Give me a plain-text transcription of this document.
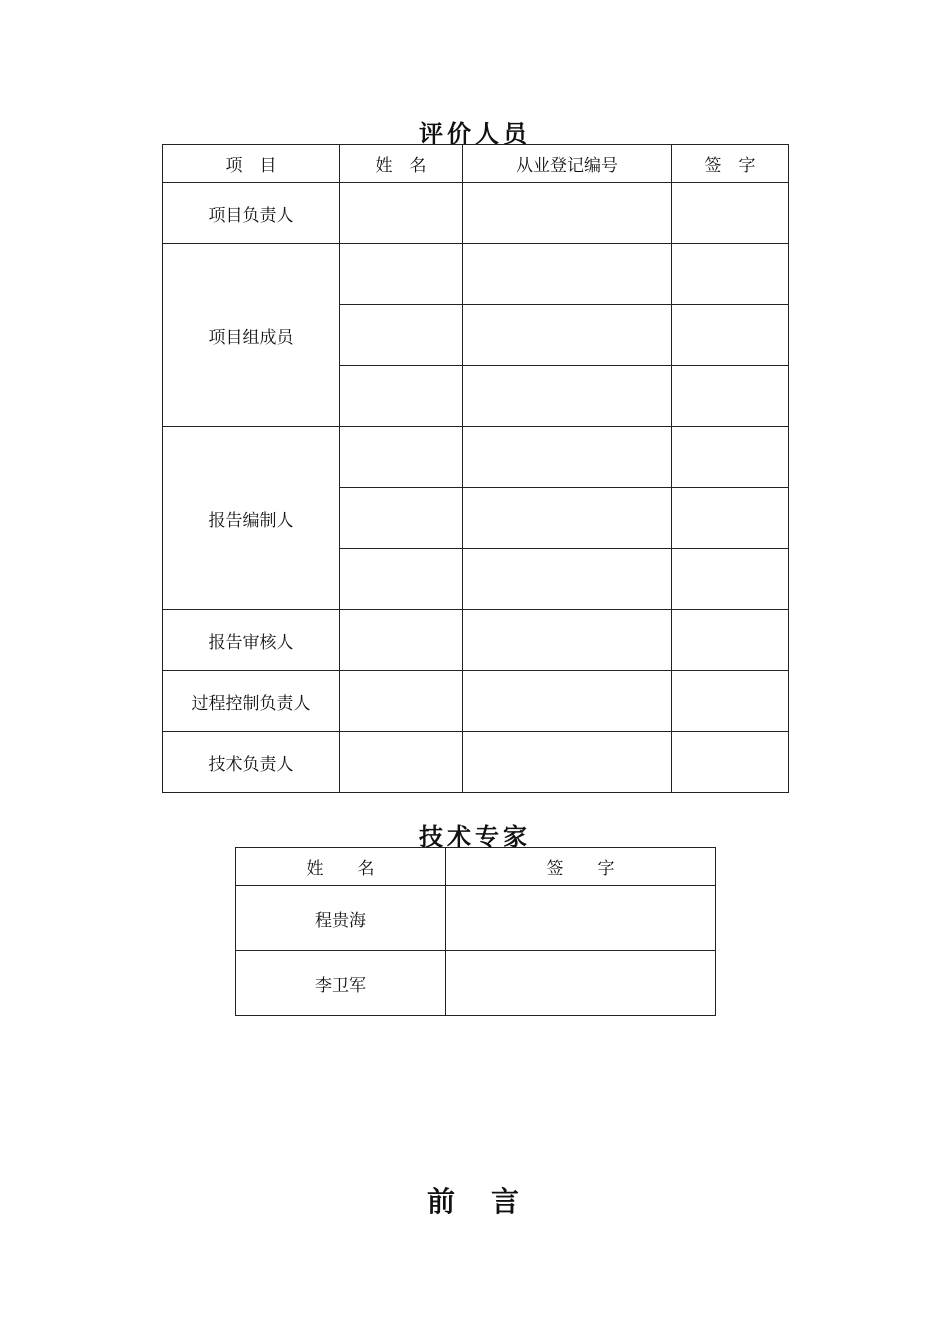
评价人员
项　目	姓　名	从业登记编号	签　字
项目负责人			
项目组成员			

报告编制人			

报告审核人			
过程控制负责人			
技术负责人			
技术专家
姓　　名	签　　字
程贵海	
李卫军	
前　言
